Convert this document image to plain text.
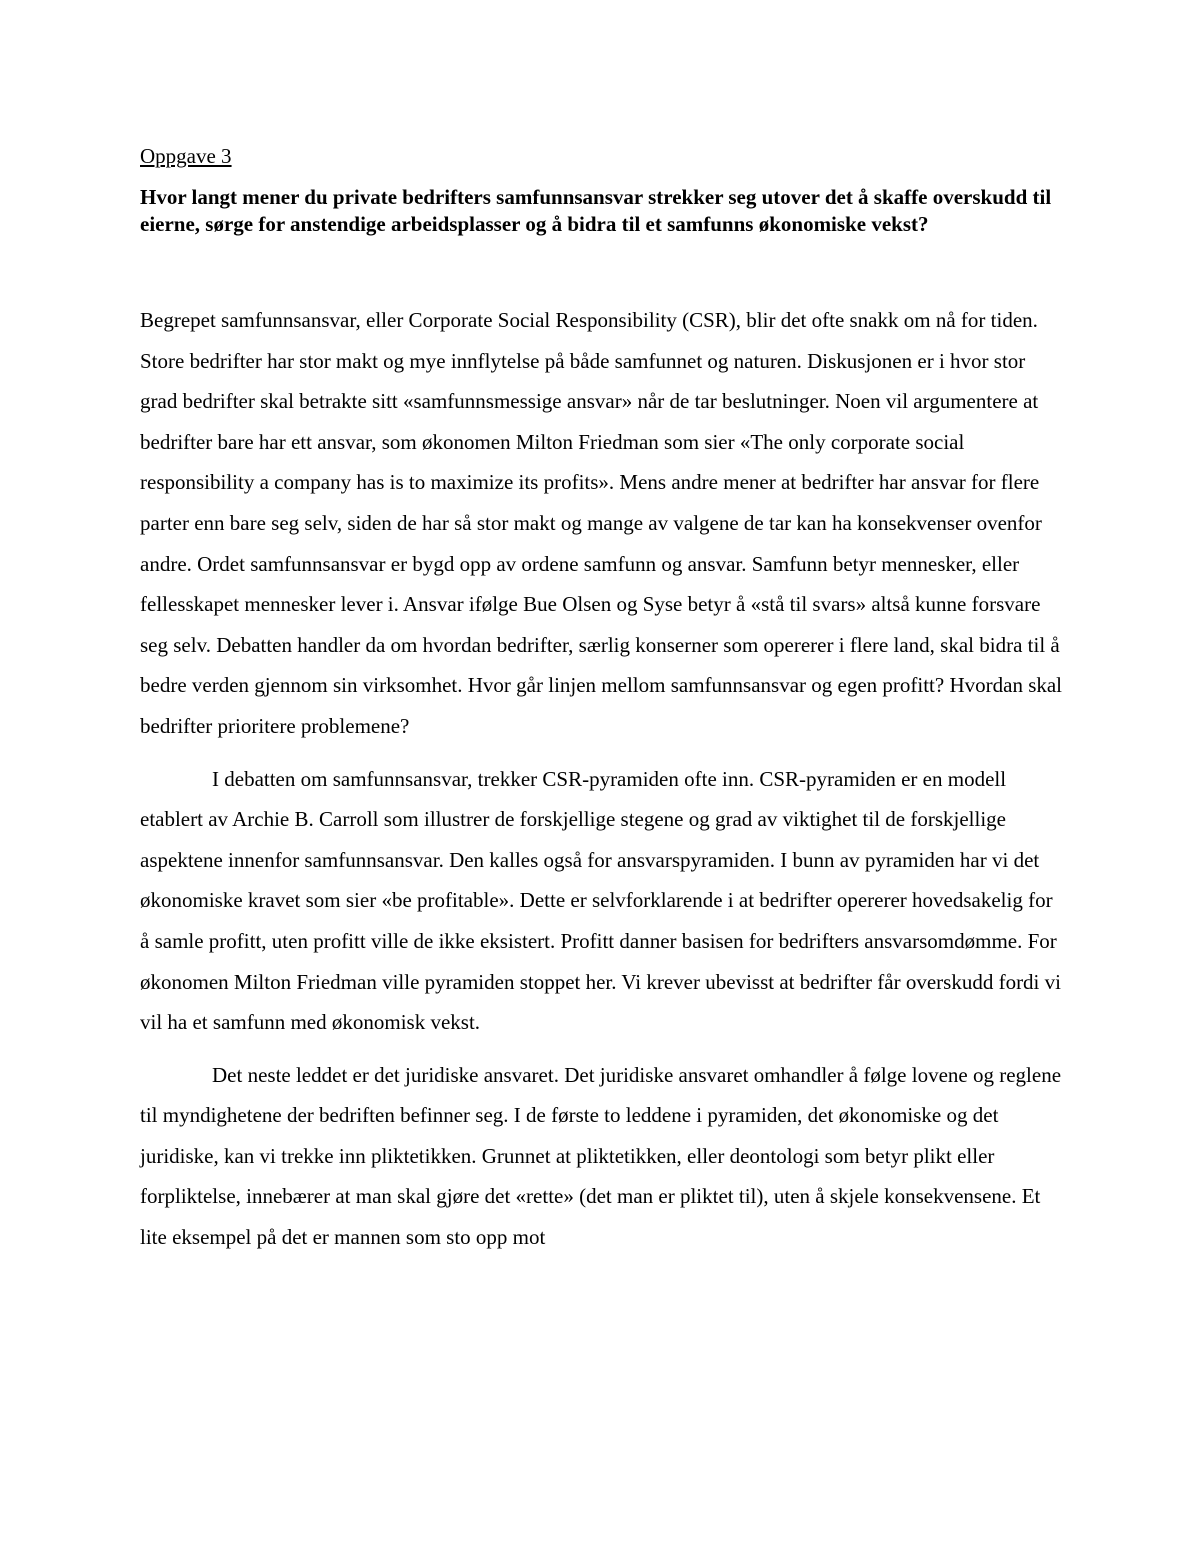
Oppgave 3

Hvor langt mener du private bedrifters samfunnsansvar strekker seg utover det å skaffe overskudd til eierne, sørge for anstendige arbeidsplasser og å bidra til et samfunns økonomiske vekst?

Begrepet samfunnsansvar, eller Corporate Social Responsibility (CSR), blir det ofte snakk om nå for tiden. Store bedrifter har stor makt og mye innflytelse på både samfunnet og naturen. Diskusjonen er i hvor stor grad bedrifter skal betrakte sitt «samfunnsmessige ansvar» når de tar beslutninger. Noen vil argumentere at bedrifter bare har ett ansvar, som økonomen Milton Friedman som sier «The only corporate social responsibility a company has is to maximize its profits». Mens andre mener at bedrifter har ansvar for flere parter enn bare seg selv, siden de har så stor makt og mange av valgene de tar kan ha konsekvenser ovenfor andre. Ordet samfunnsansvar er bygd opp av ordene samfunn og ansvar. Samfunn betyr mennesker, eller fellesskapet mennesker lever i. Ansvar ifølge Bue Olsen og Syse betyr å «stå til svars» altså kunne forsvare seg selv. Debatten handler da om hvordan bedrifter, særlig konserner som opererer i flere land, skal bidra til å bedre verden gjennom sin virksomhet. Hvor går linjen mellom samfunnsansvar og egen profitt? Hvordan skal bedrifter prioritere problemene?

I debatten om samfunnsansvar, trekker CSR-pyramiden ofte inn. CSR-pyramiden er en modell etablert av Archie B. Carroll som illustrer de forskjellige stegene og grad av viktighet til de forskjellige aspektene innenfor samfunnsansvar. Den kalles også for ansvarspyramiden. I bunn av pyramiden har vi det økonomiske kravet som sier «be profitable». Dette er selvforklarende i at bedrifter opererer hovedsakelig for å samle profitt, uten profitt ville de ikke eksistert. Profitt danner basisen for bedrifters ansvarsomdømme. For økonomen Milton Friedman ville pyramiden stoppet her. Vi krever ubevisst at bedrifter får overskudd fordi vi vil ha et samfunn med økonomisk vekst.

Det neste leddet er det juridiske ansvaret. Det juridiske ansvaret omhandler å følge lovene og reglene til myndighetene der bedriften befinner seg. I de første to leddene i pyramiden, det økonomiske og det juridiske, kan vi trekke inn pliktetikken. Grunnet at pliktetikken, eller deontologi som betyr plikt eller forpliktelse, innebærer at man skal gjøre det «rette» (det man er pliktet til), uten å skjele konsekvensene. Et lite eksempel på det er mannen som sto opp mot
